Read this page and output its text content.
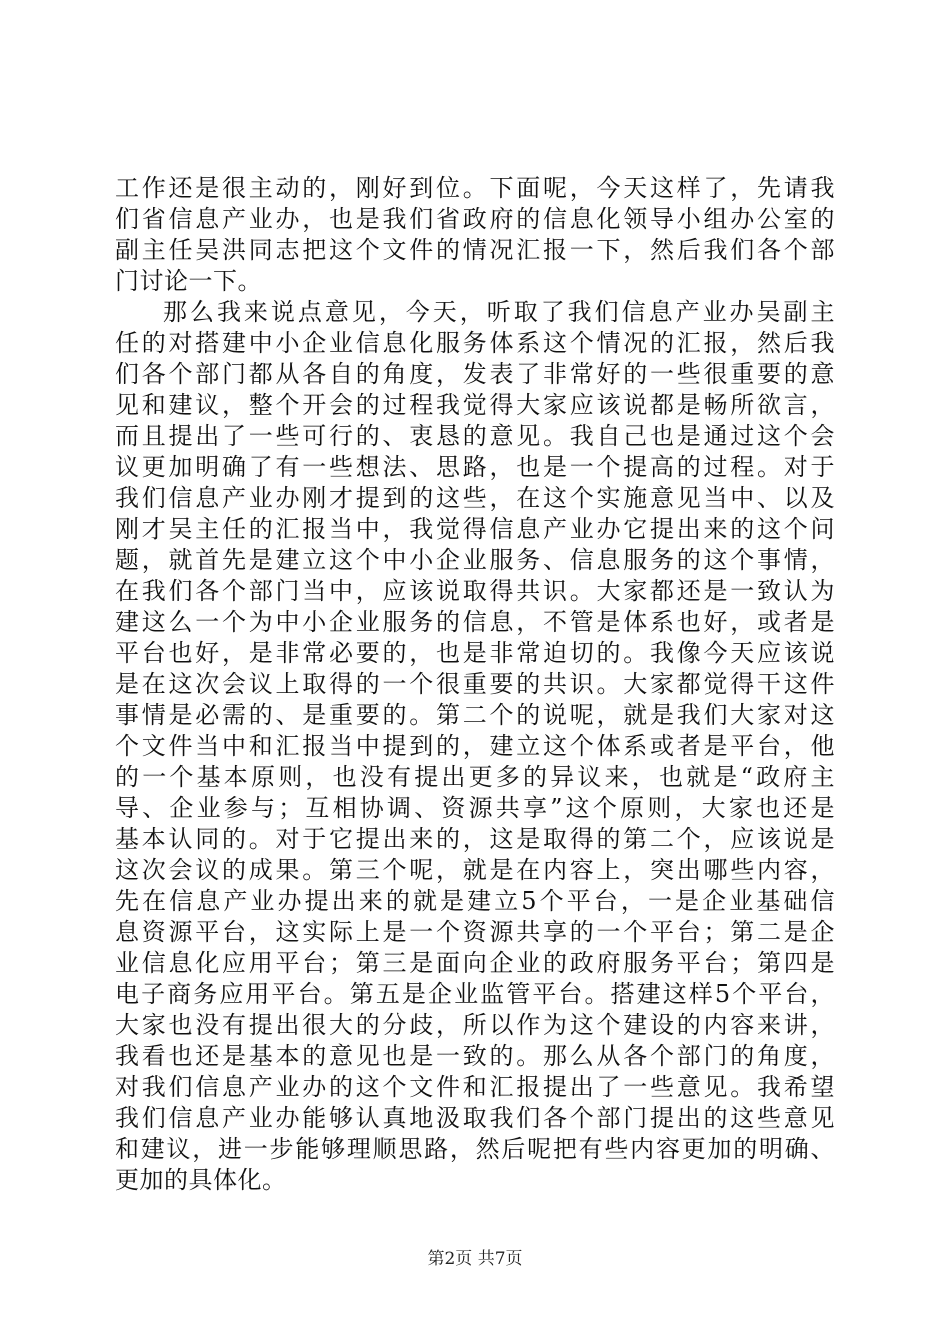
工作还是很主动的，刚好到位。下面呢，今天这样了，先请我
们省信息产业办，也是我们省政府的信息化领导小组办公室的
副主任吴洪同志把这个文件的情况汇报一下，然后我们各个部
门讨论一下。

那么我来说点意见，今天，听取了我们信息产业办吴副主
任的对搭建中小企业信息化服务体系这个情况的汇报，然后我
们各个部门都从各自的角度，发表了非常好的一些很重要的意
见和建议，整个开会的过程我觉得大家应该说都是畅所欲言，
而且提出了一些可行的、衷恳的意见。我自己也是通过这个会
议更加明确了有一些想法、思路，也是一个提高的过程。对于
我们信息产业办刚才提到的这些，在这个实施意见当中、以及
刚才吴主任的汇报当中，我觉得信息产业办它提出来的这个问
题，就首先是建立这个中小企业服务、信息服务的这个事情，
在我们各个部门当中，应该说取得共识。大家都还是一致认为
建这么一个为中小企业服务的信息，不管是体系也好，或者是
平台也好，是非常必要的，也是非常迫切的。我像今天应该说
是在这次会议上取得的一个很重要的共识。大家都觉得干这件
事情是必需的、是重要的。第二个的说呢，就是我们大家对这
个文件当中和汇报当中提到的，建立这个体系或者是平台，他
的一个基本原则，也没有提出更多的异议来，也就是“政府主
导、企业参与；互相协调、资源共享”这个原则，大家也还是
基本认同的。对于它提出来的，这是取得的第二个，应该说是
这次会议的成果。第三个呢，就是在内容上，突出哪些内容，
先在信息产业办提出来的就是建立5个平台，一是企业基础信
息资源平台，这实际上是一个资源共享的一个平台；第二是企
业信息化应用平台；第三是面向企业的政府服务平台；第四是
电子商务应用平台。第五是企业监管平台。搭建这样5个平台，
大家也没有提出很大的分歧，所以作为这个建设的内容来讲，
我看也还是基本的意见也是一致的。那么从各个部门的角度，
对我们信息产业办的这个文件和汇报提出了一些意见。我希望
我们信息产业办能够认真地汲取我们各个部门提出的这些意见
和建议，进一步能够理顺思路，然后呢把有些内容更加的明确、
更加的具体化。

第2页 共7页
